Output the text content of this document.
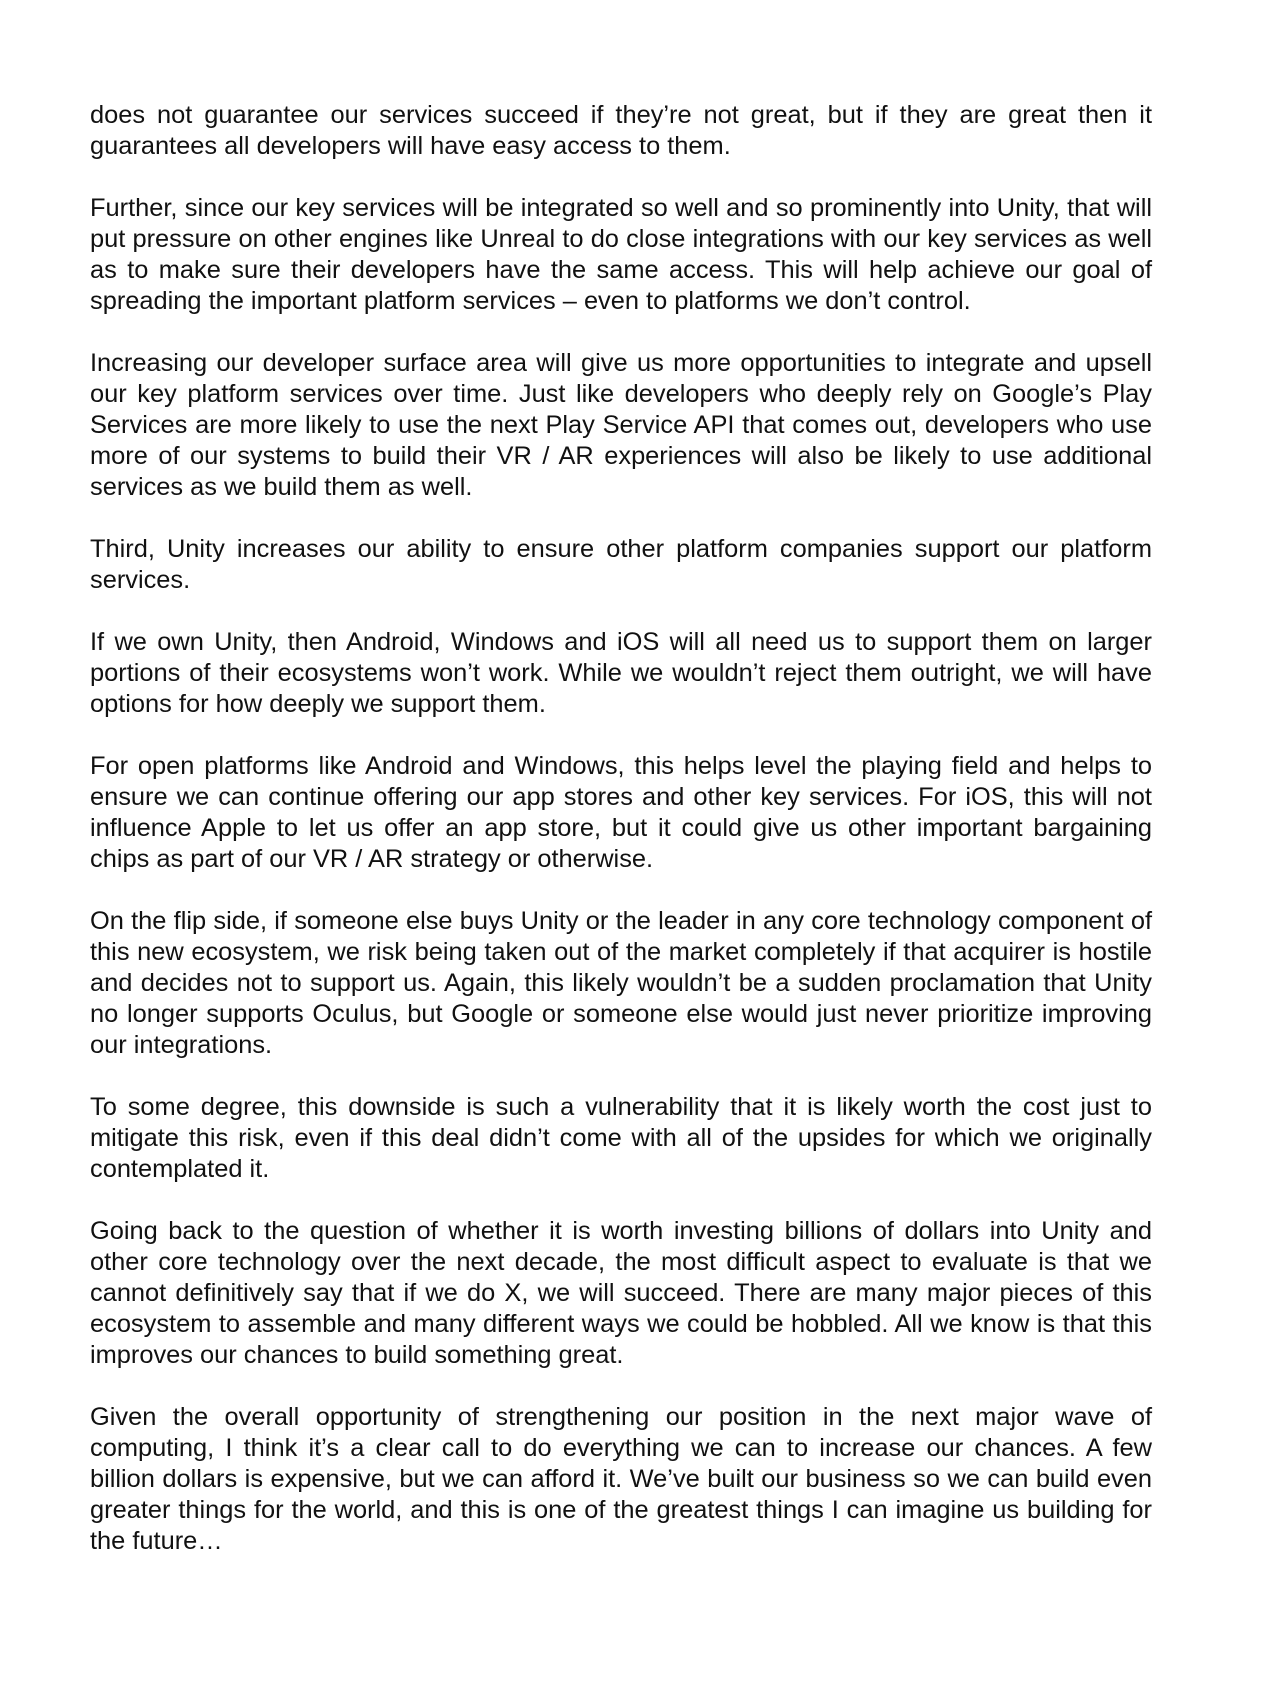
does not guarantee our services succeed if they’re not great, but if they are great then it guarantees all developers will have easy access to them.

Further, since our key services will be integrated so well and so prominently into Unity, that will put pressure on other engines like Unreal to do close integrations with our key services as well as to make sure their developers have the same access. This will help achieve our goal of spreading the important platform services – even to platforms we don’t control.

Increasing our developer surface area will give us more opportunities to integrate and upsell our key platform services over time. Just like developers who deeply rely on Google’s Play Services are more likely to use the next Play Service API that comes out, developers who use more of our systems to build their VR / AR experiences will also be likely to use additional services as we build them as well.

Third, Unity increases our ability to ensure other platform companies support our platform services.

If we own Unity, then Android, Windows and iOS will all need us to support them on larger portions of their ecosystems won’t work. While we wouldn’t reject them outright, we will have options for how deeply we support them.

For open platforms like Android and Windows, this helps level the playing field and helps to ensure we can continue offering our app stores and other key services. For iOS, this will not influence Apple to let us offer an app store, but it could give us other important bargaining chips as part of our VR / AR strategy or otherwise.

On the flip side, if someone else buys Unity or the leader in any core technology component of this new ecosystem, we risk being taken out of the market completely if that acquirer is hostile and decides not to support us. Again, this likely wouldn’t be a sudden proclamation that Unity no longer supports Oculus, but Google or someone else would just never prioritize improving our integrations.

To some degree, this downside is such a vulnerability that it is likely worth the cost just to mitigate this risk, even if this deal didn’t come with all of the upsides for which we originally contemplated it.

Going back to the question of whether it is worth investing billions of dollars into Unity and other core technology over the next decade, the most difficult aspect to evaluate is that we cannot definitively say that if we do X, we will succeed. There are many major pieces of this ecosystem to assemble and many different ways we could be hobbled. All we know is that this improves our chances to build something great.

Given the overall opportunity of strengthening our position in the next major wave of computing, I think it’s a clear call to do everything we can to increase our chances. A few billion dollars is expensive, but we can afford it. We’ve built our business so we can build even greater things for the world, and this is one of the greatest things I can imagine us building for the future…
